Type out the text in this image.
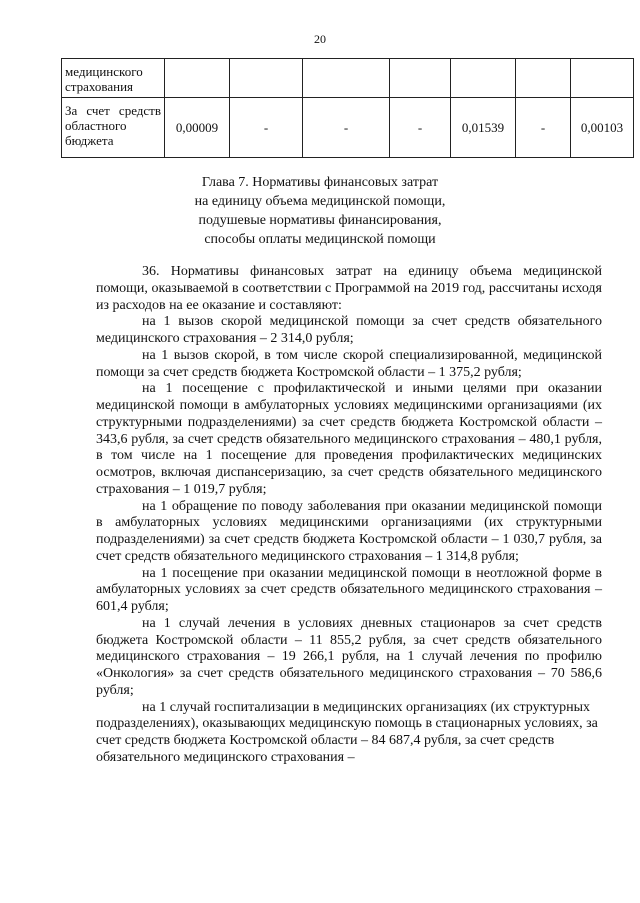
20
медицинского страхования							
За счет средств областного бюджета	0,00009	-	-	-	0,01539	-	0,00103
Глава 7. Нормативы финансовых затрат
на единицу объема медицинской помощи,
подушевые нормативы финансирования,
способы оплаты медицинской помощи

36. Нормативы финансовых затрат на единицу объема медицинской помощи, оказываемой в соответствии с Программой на 2019 год, рассчитаны исходя из расходов на ее оказание и составляют:

на 1 вызов скорой медицинской помощи за счет средств обязательного медицинского страхования – 2 314,0 рубля;

на 1 вызов скорой, в том числе скорой специализированной, медицинской помощи за счет средств бюджета Костромской области – 1 375,2 рубля;

на 1 посещение с профилактической и иными целями при оказании медицинской помощи в амбулаторных условиях медицинскими организациями (их структурными подразделениями) за счет средств бюджета Костромской области – 343,6 рубля, за счет средств обязательного медицинского страхования – 480,1 рубля, в том числе на 1 посещение для проведения профилактических медицинских осмотров, включая диспансеризацию, за счет средств обязательного медицинского страхования – 1 019,7 рубля;

на 1 обращение по поводу заболевания при оказании медицинской помощи в амбулаторных условиях медицинскими организациями (их структурными подразделениями) за счет средств бюджета Костромской области – 1 030,7 рубля, за счет средств обязательного медицинского страхования – 1 314,8 рубля;

на 1 посещение при оказании медицинской помощи в неотложной форме в амбулаторных условиях за счет средств обязательного медицинского страхования – 601,4 рубля;

на 1 случай лечения в условиях дневных стационаров за счет средств бюджета Костромской области – 11 855,2 рубля, за счет средств обязательного медицинского страхования – 19 266,1 рубля, на 1 случай лечения по профилю «Онкология» за счет средств обязательного медицинского страхования – 70 586,6 рубля;

на 1 случай госпитализации в медицинских организациях (их структурных подразделениях), оказывающих медицинскую помощь в стационарных условиях, за счет средств бюджета Костромской области – 84 687,4 рубля, за счет средств обязательного медицинского страхования –
